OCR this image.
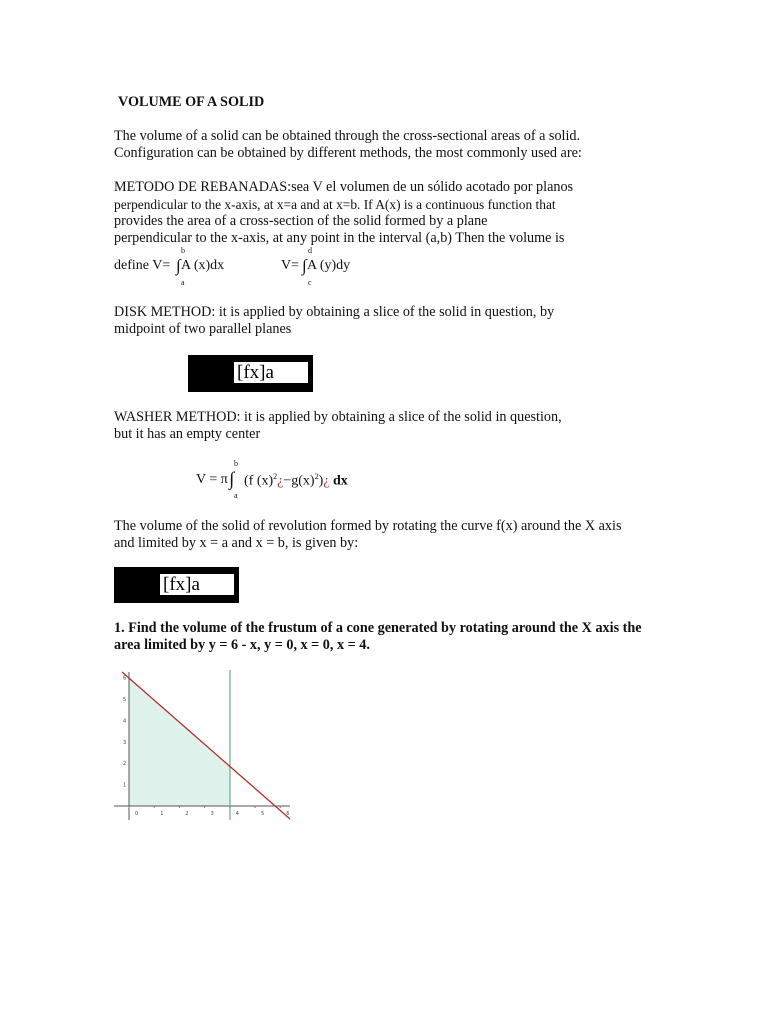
VOLUME OF A SOLID
The volume of a solid can be obtained through the cross-sectional areas of a solid.
Configuration can be obtained by different methods, the most commonly used are:
METODO DE REBANADAS:sea V el volumen de un sólido acotado por planos
perpendicular to the x-axis, at x=a and at x=b. If A(x) is a continuous function that
provides the area of a cross-section of the solid formed by a plane
perpendicular to the x-axis, at any point in the interval (a,b) Then the volume is
define V=
b
∫ A (x)dx
a
V=
d
∫ A (y)dy
c
DISK METHOD: it is applied by obtaining a slice of the solid in question, by
midpoint of two parallel planes
[fx]a
WASHER METHOD: it is applied by obtaining a slice of the solid in question,
but it has an empty center
V = π
b
∫
a
(f $(x)^2¿-g(x)^2)¿$ dx
The volume of the solid of revolution formed by rotating the curve f(x) around the X axis
and limited by x = a and x = b, is given by:
[fx]a
1. Find the volume of the frustum of a cone generated by rotating around the X axis the
area limited by y = 6 - x, y = 0, x = 0, x = 4.
0	1	2	3	4	5	6
1
2
3
4
5
6
